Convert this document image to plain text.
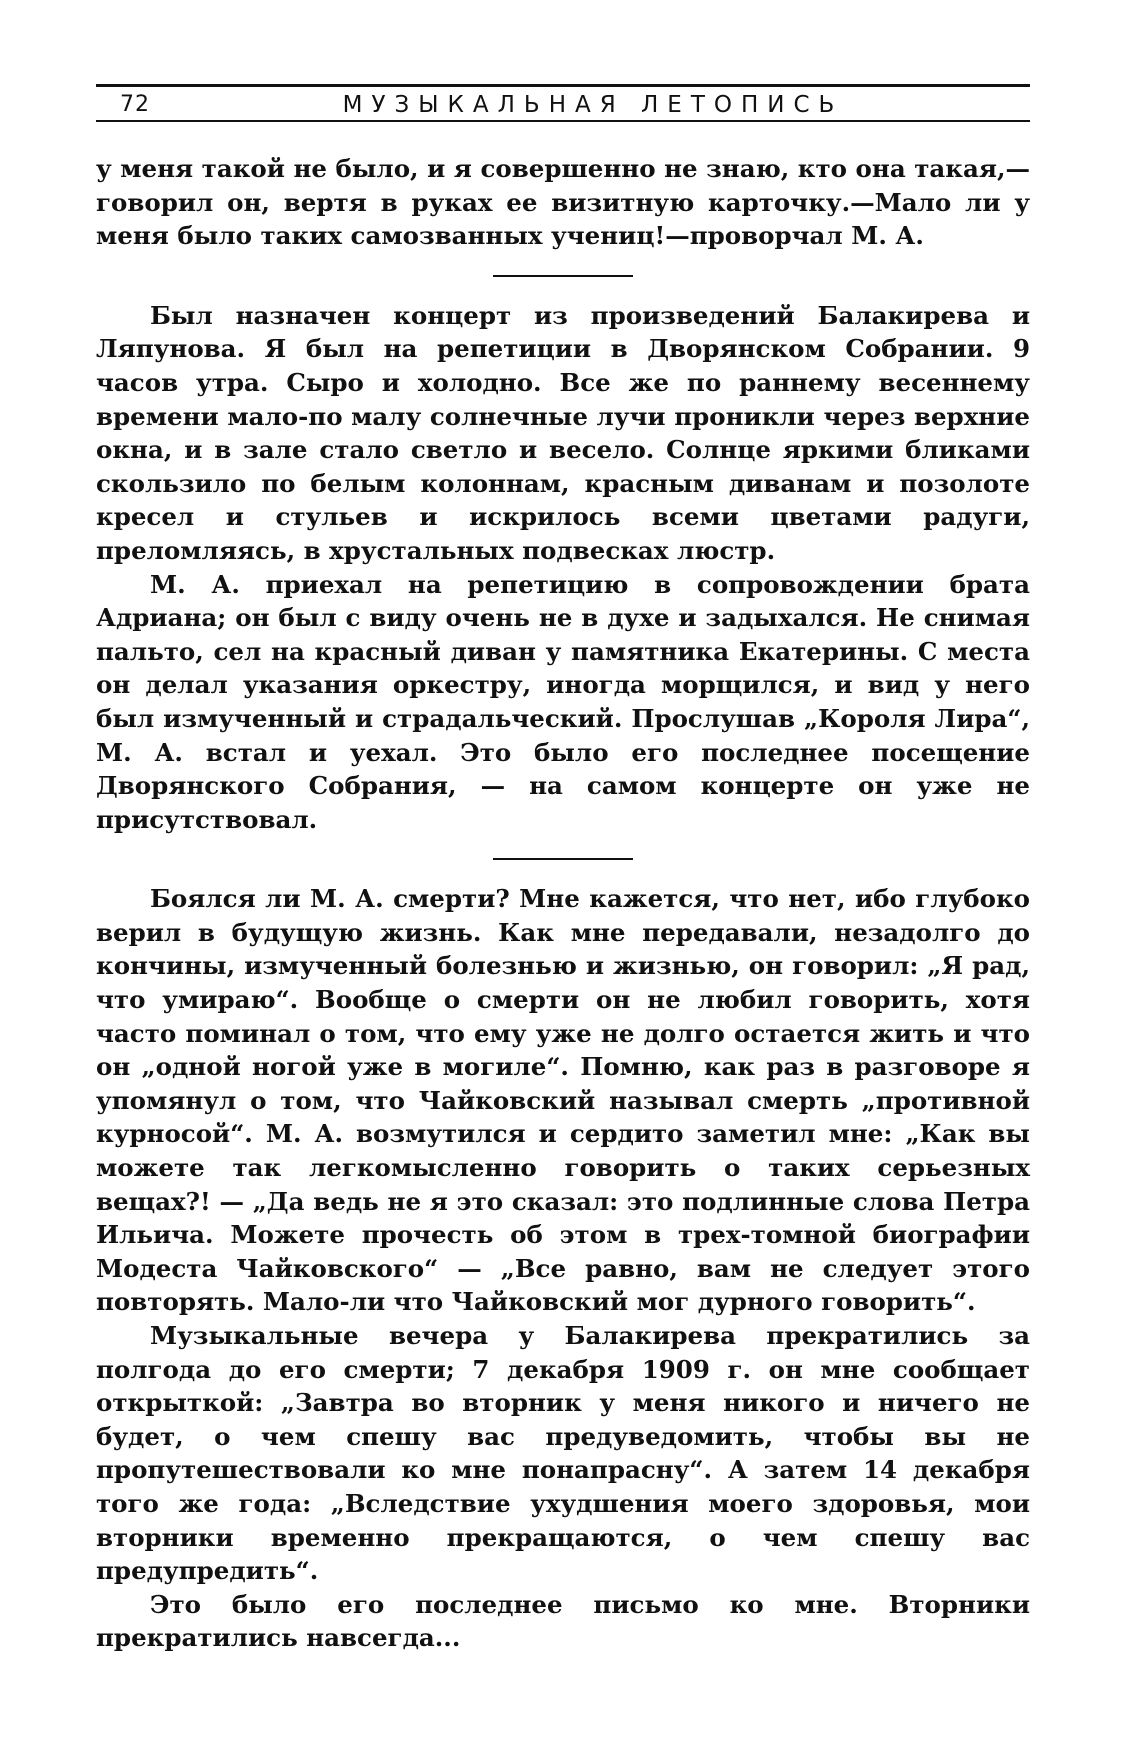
72	МУЗЫКАЛЬНАЯ ЛЕТОПИСЬ

у меня такой не было, и я совершенно не знаю, кто она такая,—говорил он, вертя в руках ее визитную карточку.—Мало ли у меня было таких самозванных учениц!—проворчал М. А.

Был назначен концерт из произведений Балакирева и Ляпунова. Я был на репетиции в Дворянском Собрании. 9 часов утра. Сыро и холодно. Все же по раннему весеннему времени мало-по малу солнечные лучи проникли через верхние окна, и в зале стало светло и весело. Солнце яркими бликами скользило по белым колоннам, красным диванам и позолоте кресел и стульев и искрилось всеми цветами радуги, преломляясь, в хрустальных подвесках люстр.

М. А. приехал на репетицию в сопровождении брата Адриана; он был с виду очень не в духе и задыхался. Не снимая пальто, сел на красный диван у памятника Екатерины. С места он делал указания оркестру, иногда морщился, и вид у него был измученный и страдальческий. Прослушав „Короля Лира“, М. А. встал и уехал. Это было его последнее посещение Дворянского Собрания, — на самом концерте он уже не присутствовал.

Боялся ли М. А. смерти? Мне кажется, что нет, ибо глубоко верил в будущую жизнь. Как мне передавали, незадолго до кончины, измученный болезнью и жизнью, он говорил: „Я рад, что умираю“. Вообще о смерти он не любил говорить, хотя часто поминал о том, что ему уже не долго остается жить и что он „одной ногой уже в могиле“. Помню, как раз в разговоре я упомянул о том, что Чайковский называл смерть „противной курносой“. М. А. возмутился и сердито заметил мне: „Как вы можете так легкомысленно говорить о таких серьезных вещах?! — „Да ведь не я это сказал: это подлинные слова Петра Ильича. Можете прочесть об этом в трех-томной биографии Модеста Чайковского“ — „Все равно, вам не следует этого повторять. Мало-ли что Чайковский мог дурного говорить“.

Музыкальные вечера у Балакирева прекратились за полгода до его смерти; 7 декабря 1909 г. он мне сообщает открыткой: „Завтра во вторник у меня никого и ничего не будет, о чем спешу вас предуведомить, чтобы вы не пропутешествовали ко мне понапрасну“. А затем 14 декабря того же года: „Вследствие ухудшения моего здоровья, мои вторники временно прекращаются, о чем спешу вас предупредить“.

Это было его последнее письмо ко мне. Вторники прекратились навсегда...
